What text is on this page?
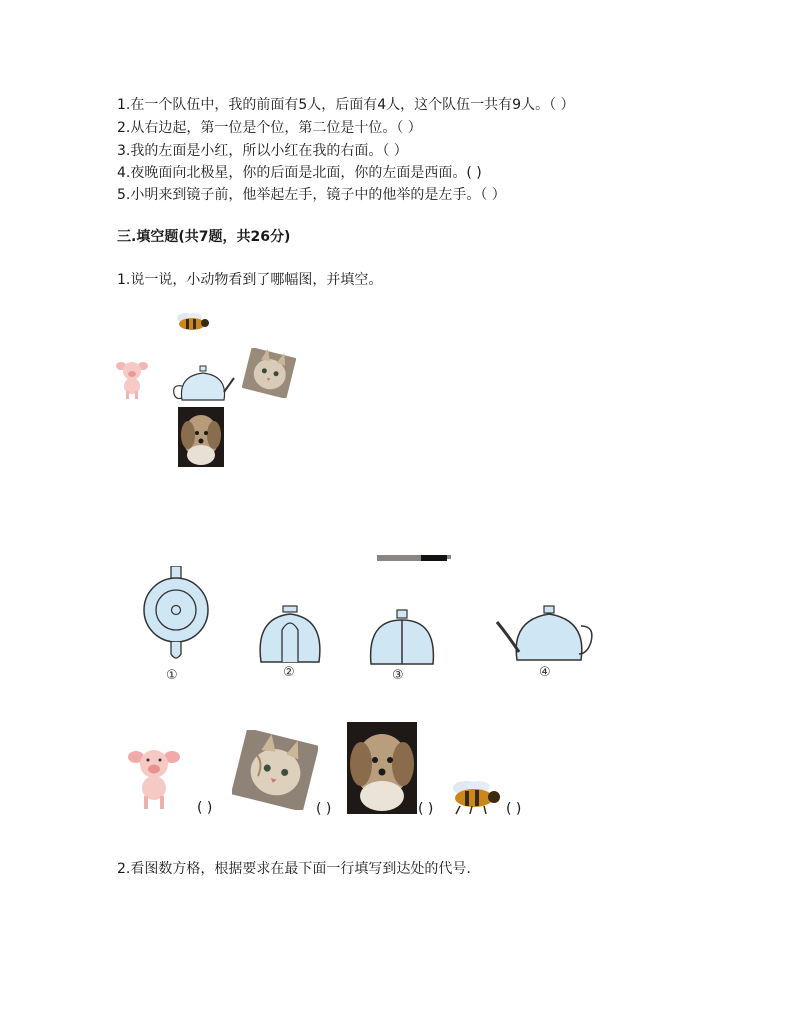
1.在一个队伍中，我的前面有5人，后面有4人，这个队伍一共有9人。（ ）
2.从右边起，第一位是个位，第二位是十位。（ ）
3.我的左面是小红，所以小红在我的右面。（ ）
4.夜晚面向北极星，你的后面是北面，你的左面是西面。( )
5.小明来到镜子前，他举起左手，镜子中的他举的是左手。（ ）
三.填空题(共7题，共26分)
1.说一说，小动物看到了哪幅图，并填空。
①	②	③	④
( )	( )	( )	( )
2.看图数方格，根据要求在最下面一行填写到达处的代号.
